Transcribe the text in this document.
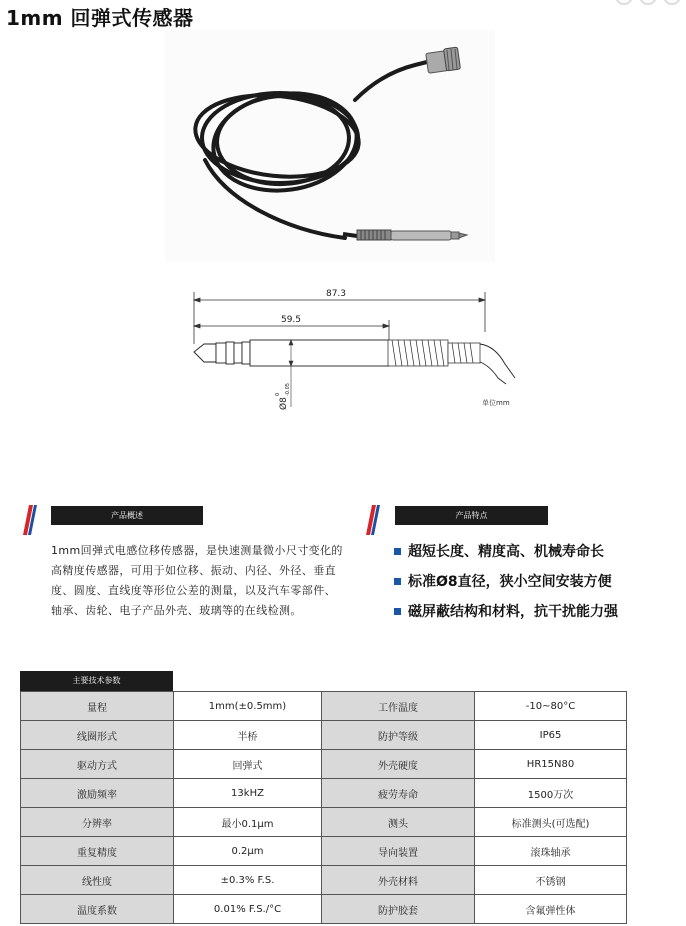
1mm 回弹式传感器
87.3
59.5
Ø8
0 -0.05
单位mm
产品概述
1mm回弹式电感位移传感器，是快速测量微小尺寸变化的高精度传感器，可用于如位移、振动、内径、外径、垂直度、圆度、直线度等形位公差的测量，以及汽车零部件、轴承、齿轮、电子产品外壳、玻璃等的在线检测。
产品特点
超短长度、精度高、机械寿命长
标准Ø8直径，狭小空间安装方便
磁屏蔽结构和材料，抗干扰能力强
主要技术参数
量程	1mm(±0.5mm)	工作温度	-10~80°C
线圈形式	半桥	防护等级	IP65
驱动方式	回弹式	外壳硬度	HR15N80
激励频率	13kHZ	疲劳寿命	1500万次
分辨率	最小0.1μm	测头	标准测头(可选配)
重复精度	0.2μm	导向装置	滚珠轴承
线性度	±0.3% F.S.	外壳材料	不锈钢
温度系数	0.01% F.S./°C	防护胶套	含氟弹性体
